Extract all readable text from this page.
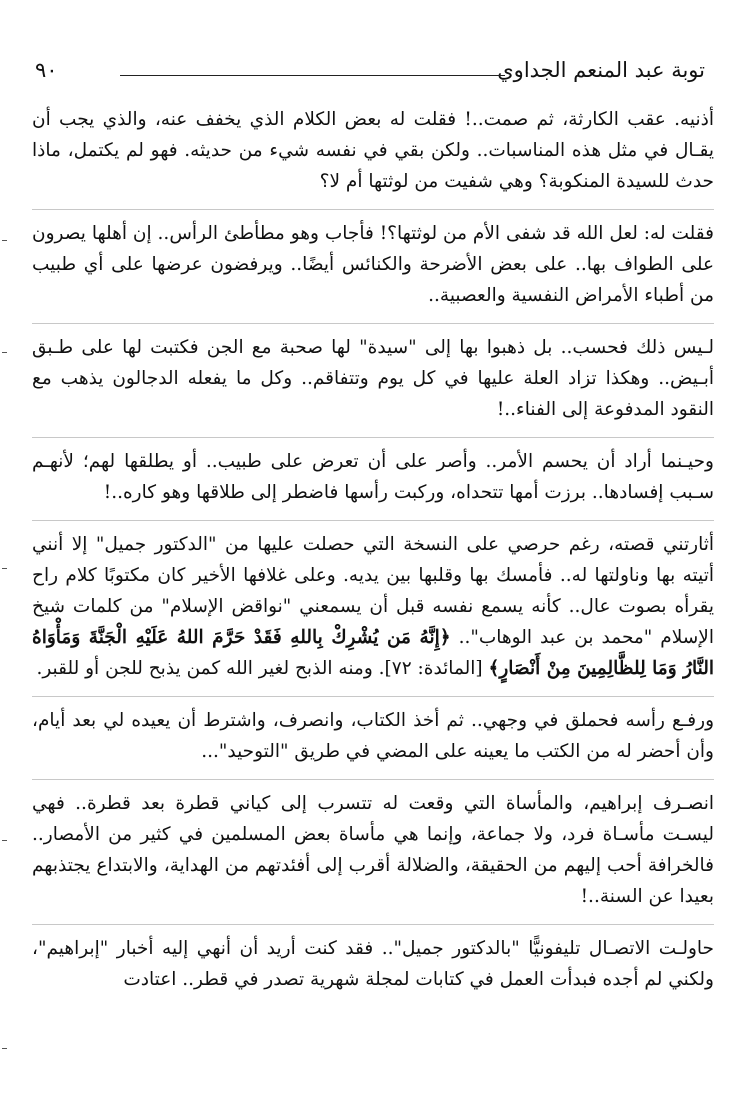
توبة عبد المنعم الجداوي
٩٠

أذنيه. عقب الكارثة، ثم صمت..! فقلت له بعض الكلام الذي يخفف عنه، والذي يجب أن يقـال في مثل هذه المناسبات.. ولكن بقي في نفسه شيء من حديثه. فهو لم يكتمل، ماذا حدث للسيدة المنكوبة؟ وهي شفيت من لوثتها أم لا؟

فقلت له: لعل الله قد شفى الأم من لوثتها؟! فأجاب وهو مطأطئ الرأس.. إن أهلها يصرون على الطواف بها.. على بعض الأضرحة والكنائس أيضًا.. ويرفضون عرضها على أي طبيب من أطباء الأمراض النفسية والعصبية..

لـيس ذلك فحسب.. بل ذهبوا بها إلى "سيدة" لها صحبة مع الجن فكتبت لها على طـبق أبـيض.. وهكذا تزاد العلة عليها في كل يوم وتتفاقم.. وكل ما يفعله الدجالون يذهب مع النقود المدفوعة إلى الفناء..!

وحيـنما أراد أن يحسم الأمر.. وأصر على أن تعرض على طبيب.. أو يطلقها لهم؛ لأنهـم سـبب إفسادها.. برزت أمها تتحداه، وركبت رأسها فاضطر إلى طلاقها وهو كاره..!

أثارتني قصته، رغم حرصي على النسخة التي حصلت عليها من "الدكتور جميل" إلا أنني أتيته بها وناولتها له.. فأمسك بها وقلبها بين يديه. وعلى غلافها الأخير كان مكتوبًا كلام راح يقرأه بصوت عال.. كأنه يسمع نفسه قبل أن يسمعني "نواقض الإسلام" من كلمات شيخ الإسلام "محمد بن عبد الوهاب".. ﴿إِنَّهُ مَن يُشْرِكْ بِاللهِ فَقَدْ حَرَّمَ اللهُ عَلَيْهِ الْجَنَّةَ وَمَأْوَاهُ النَّارُ وَمَا لِلظَّالِمِينَ مِنْ أَنْصَارٍ﴾ [المائدة: ٧٢]. ومنه الذبح لغير الله كمن يذبح للجن أو للقبر.

ورفـع رأسه فحملق في وجهي.. ثم أخذ الكتاب، وانصرف، واشترط أن يعيده لي بعد أيام، وأن أحضر له من الكتب ما يعينه على المضي في طريق "التوحيد"...

انصـرف إبراهيم، والمأساة التي وقعت له تتسرب إلى كياني قطرة بعد قطرة.. فهي ليسـت مأسـاة فرد، ولا جماعة، وإنما هي مأساة بعض المسلمين في كثير من الأمصار.. فالخرافة أحب إليهم من الحقيقة، والضلالة أقرب إلى أفئدتهم من الهداية، والابتداع يجتذبهم بعيدا عن السنة..!

حاولـت الاتصـال تليفونيًّا "بالدكتور جميل".. فقد كنت أريد أن أنهي إليه أخبار "إبراهيم"، ولكني لم أجده فبدأت العمل في كتابات لمجلة شهرية تصدر في قطر.. اعتادت
